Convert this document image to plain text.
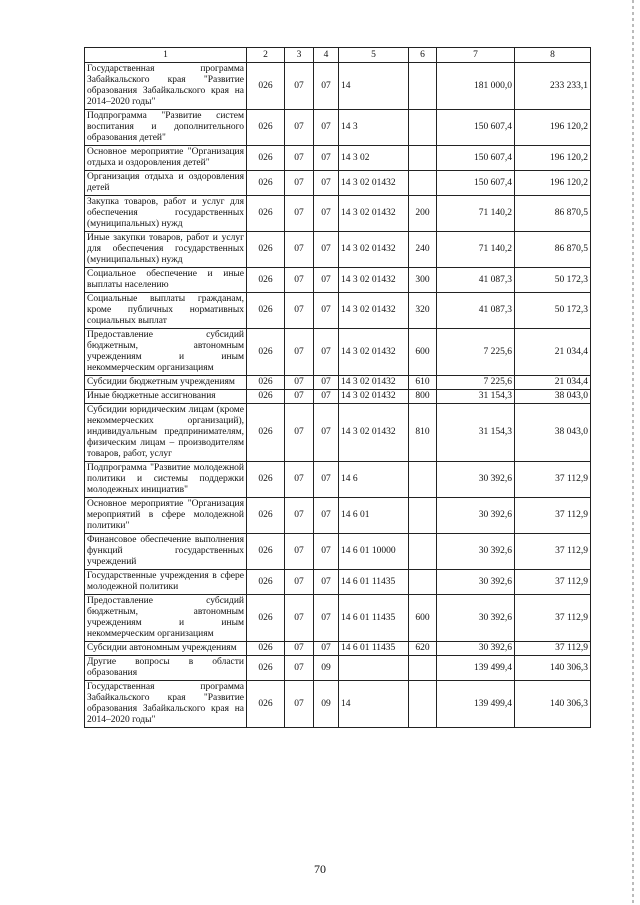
1	2	3	4	5	6	7	8
Государственная программа Забайкальского края "Развитие образования Забайкальского края на 2014–2020 годы"	026	07	07	14		181 000,0	233 233,1
Подпрограмма "Развитие систем воспитания и дополнительного образования детей"	026	07	07	14 3		150 607,4	196 120,2
Основное мероприятие "Организация отдыха и оздоровления детей"	026	07	07	14 3 02		150 607,4	196 120,2
Организация отдыха и оздоровления детей	026	07	07	14 3 02 01432		150 607,4	196 120,2
Закупка товаров, работ и услуг для обеспечения государственных (муниципальных) нужд	026	07	07	14 3 02 01432	200	71 140,2	86 870,5
Иные закупки товаров, работ и услуг для обеспечения государственных (муниципальных) нужд	026	07	07	14 3 02 01432	240	71 140,2	86 870,5
Социальное обеспечение и иные выплаты населению	026	07	07	14 3 02 01432	300	41 087,3	50 172,3
Социальные выплаты гражданам, кроме публичных нормативных социальных выплат	026	07	07	14 3 02 01432	320	41 087,3	50 172,3
Предоставление субсидий бюджетным, автономным учреждениям и иным некоммерческим организациям	026	07	07	14 3 02 01432	600	7 225,6	21 034,4
Субсидии бюджетным учреждениям	026	07	07	14 3 02 01432	610	7 225,6	21 034,4
Иные бюджетные ассигнования	026	07	07	14 3 02 01432	800	31 154,3	38 043,0
Субсидии юридическим лицам (кроме некоммерческих организаций), индивидуальным предпринимателям, физическим лицам – производителям товаров, работ, услуг	026	07	07	14 3 02 01432	810	31 154,3	38 043,0
Подпрограмма "Развитие молодежной политики и системы поддержки молодежных инициатив"	026	07	07	14 6		30 392,6	37 112,9
Основное мероприятие "Организация мероприятий в сфере молодежной политики"	026	07	07	14 6 01		30 392,6	37 112,9
Финансовое обеспечение выполнения функций государственных учреждений	026	07	07	14 6 01 10000		30 392,6	37 112,9
Государственные учреждения в сфере молодежной политики	026	07	07	14 6 01 11435		30 392,6	37 112,9
Предоставление субсидий бюджетным, автономным учреждениям и иным некоммерческим организациям	026	07	07	14 6 01 11435	600	30 392,6	37 112,9
Субсидии автономным учреждениям	026	07	07	14 6 01 11435	620	30 392,6	37 112,9
Другие вопросы в области образования	026	07	09			139 499,4	140 306,3
Государственная программа Забайкальского края "Развитие образования Забайкальского края на 2014–2020 годы"	026	07	09	14		139 499,4	140 306,3
70
